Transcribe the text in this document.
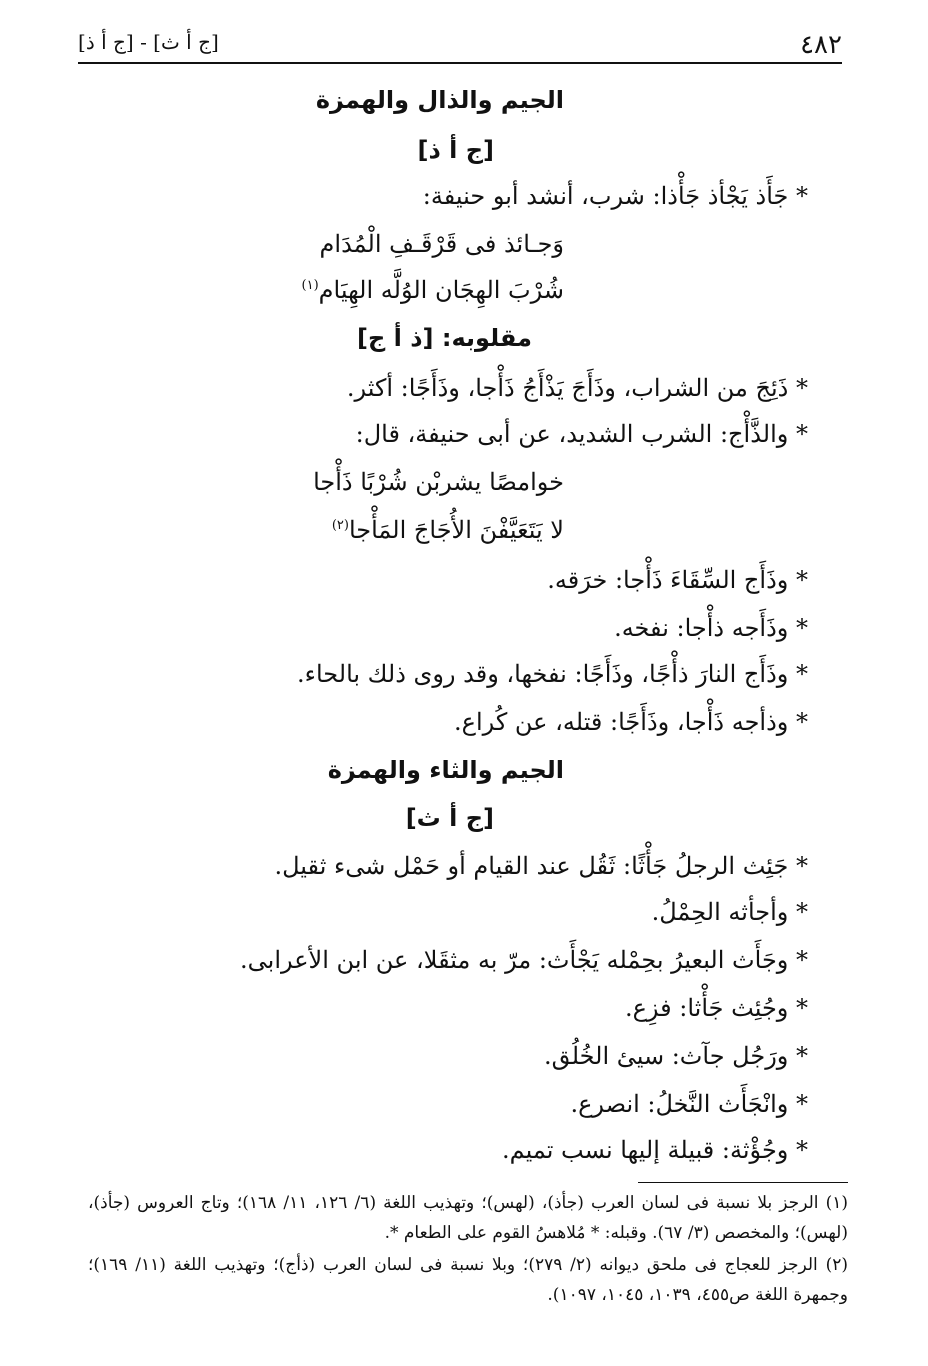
٤٨٢
[ج أ ذ] - [ج أ ث]
الجيم والذال والهمزة
[ج أ ذ]
* جَأَذ يَجْأذ جَأْذا: شرب، أنشد أبو حنيفة:
وَجـائذ فى قَرْقَـفِ الْمُدَام
شُرْبَ الهِجَان الوُلَّه الهِيَام$^{(١)}$
مقلوبه: [ذ أ ج]
* ذَئِجَ من الشراب، وذَأَجَ يَذْأَجُ ذَأْجا، وذَأَجًا: أكثر.
* والذَّأْج: الشرب الشديد، عن أبى حنيفة، قال:
خوامصًا يشربْن شُرْبًا ذَأْجا
لا يَتَعَيَّفْنَ الأُجَاجَ المَأْجا$^{(٢)}$
* وذَأَج السِّقَاءَ ذَأْجا: خرَقه.
* وذَأَجه ذأْجا: نفخه.
* وذَأَج النارَ ذأْجًا، وذَأَجًا: نفخها، وقد روى ذلك بالحاء.
* وذأجه ذَأْجا، وذَأَجًا: قتله، عن كُراع.
الجيم والثاء والهمزة
[ج أ ث]
* جَئِث الرجلُ جَأْثًا: ثَقُل عند القيام أو حَمْل شىء ثقيل.
* وأجأثه الحِمْلُ.
* وجَأَث البعيرُ بحِمْله يَجْأَث: مرّ به مثقَلا، عن ابن الأعرابى.
* وجُئِث جَأْثا: فزِع.
* ورَجُل جآث: سيئ الخُلُق.
* وانْجَأَث النَّخلُ: انصرع.
* وجُؤْثة: قبيلة إليها نسب تميم.
(١) الرجز بلا نسبة فى لسان العرب (جأذ)، (لهس)؛ وتهذيب اللغة (٦/ ١٢٦، ١١/ ١٦٨)؛ وتاج العروس (جأذ)، (لهس)؛ والمخصص (٣/ ٦٧). وقبله: * مُلاهسُ القوم على الطعام *.
(٢) الرجز للعجاج فى ملحق ديوانه (٢/ ٢٧٩)؛ وبلا نسبة فى لسان العرب (ذأج)؛ وتهذيب اللغة (١١/ ١٦٩)؛ وجمهرة اللغة ص٤٥٥، ١٠٣٩، ١٠٤٥، ١٠٩٧).
